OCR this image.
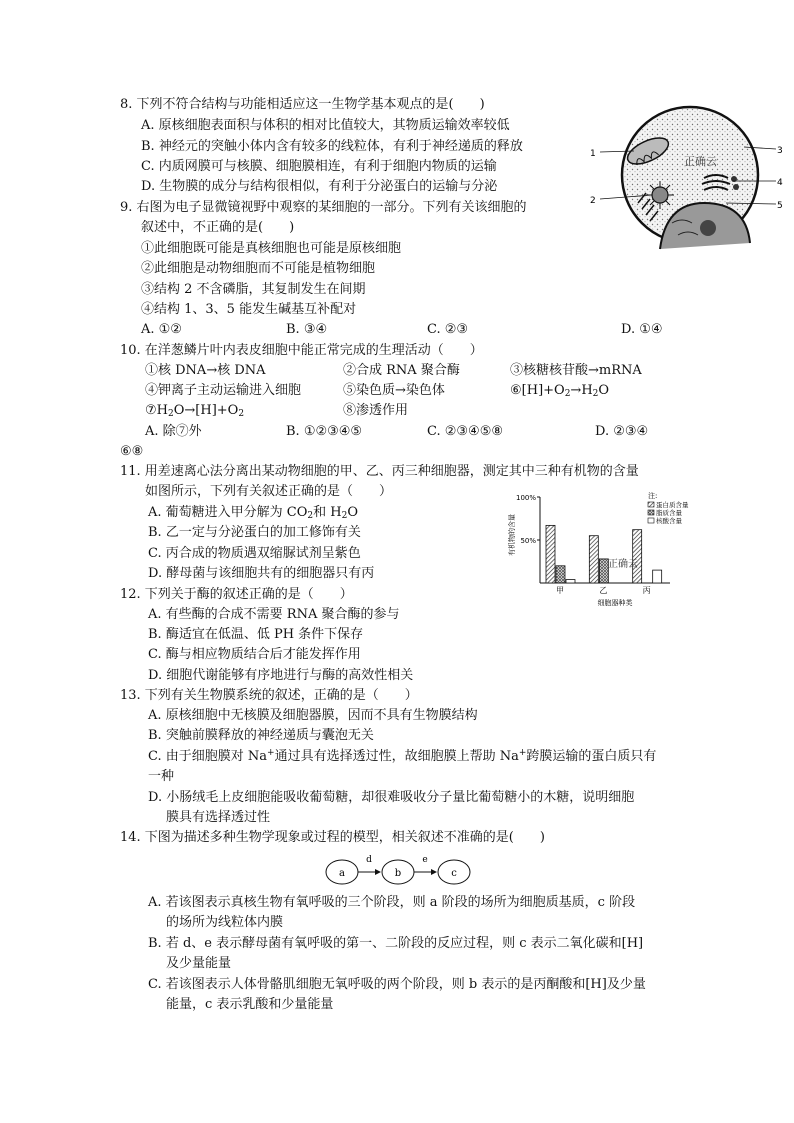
8. 下列不符合结构与功能相适应这一生物学基本观点的是(　　)
A. 原核细胞表面积与体积的相对比值较大，其物质运输效率较低
B. 神经元的突触小体内含有较多的线粒体，有利于神经递质的释放
C. 内质网膜可与核膜、细胞膜相连，有利于细胞内物质的运输
D. 生物膜的成分与结构很相似，有利于分泌蛋白的运输与分泌
正确云
1
2
3
4
5
9. 右图为电子显微镜视野中观察的某细胞的一部分。下列有关该细胞的
叙述中，不正确的是(　　)
①此细胞既可能是真核细胞也可能是原核细胞
②此细胞是动物细胞而不可能是植物细胞
③结构 2 不含磷脂，其复制发生在间期
④结构 1、3、5 能发生碱基互补配对
A. ①②	B. ③④	C. ②③	D. ①④
10. 在洋葱鳞片叶内表皮细胞中能正常完成的生理活动（　　）
①核 DNA→核 DNA	②合成 RNA 聚合酶	③核糖核苷酸→mRNA
④钾离子主动运输进入细胞	⑤染色质→染色体	$⑥[H]+O_2\to H_2O$
$⑦H_2O\to[H]+O_2$	⑧渗透作用
A. 除⑦外	B. ①②③④⑤	C. ②③④⑤⑧	D. ②③④
⑥⑧
11. 用差速离心法分离出某动物细胞的甲、乙、丙三种细胞器，测定其中三种有机物的含量
如图所示，下列有关叙述正确的是（　　）
A. 葡萄糖进入甲分解为 $CO_2$和 $H_2O$
B. 乙一定与分泌蛋白的加工修饰有关
C. 丙合成的物质遇双缩脲试剂呈紫色
D. 酵母菌与该细胞共有的细胞器只有丙
100%
50%
有机物的含量
细胞器种类
甲	乙	丙
正确云
注:
蛋白质含量
脂质含量
核酸含量
12. 下列关于酶的叙述正确的是（　　）
A. 有些酶的合成不需要 RNA 聚合酶的参与
B. 酶适宜在低温、低 PH 条件下保存
C. 酶与相应物质结合后才能发挥作用
D. 细胞代谢能够有序地进行与酶的高效性相关
13. 下列有关生物膜系统的叙述，正确的是（　　）
A. 原核细胞中无核膜及细胞器膜，因而不具有生物膜结构
B. 突触前膜释放的神经递质与囊泡无关
C. 由于细胞膜对 Na+通过具有选择透过性，故细胞膜上帮助 Na+跨膜运输的蛋白质只有
一种
D. 小肠绒毛上皮细胞能吸收葡萄糖，却很难吸收分子量比葡萄糖小的木糖，说明细胞
膜具有选择透过性
14. 下图为描述多种生物学现象或过程的模型，相关叙述不准确的是(　　)
a	b	c
d	e
A. 若该图表示真核生物有氧呼吸的三个阶段，则 a 阶段的场所为细胞质基质，c 阶段
的场所为线粒体内膜
B. 若 d、e 表示酵母菌有氧呼吸的第一、二阶段的反应过程，则 c 表示二氧化碳和[H]
及少量能量
C. 若该图表示人体骨骼肌细胞无氧呼吸的两个阶段，则 b 表示的是丙酮酸和[H]及少量
能量，c 表示乳酸和少量能量
